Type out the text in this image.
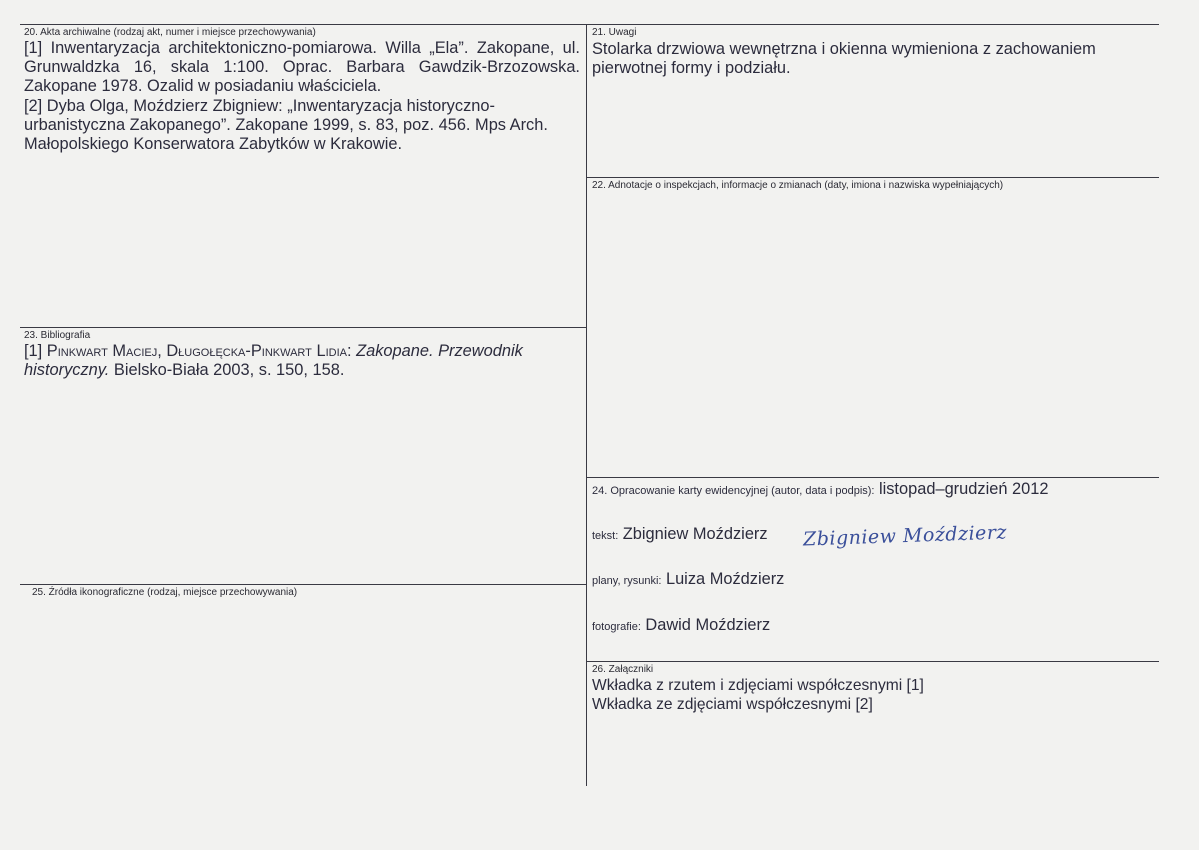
20. Akta archiwalne (rodzaj akt, numer i miejsce przechowywania)

[1] Inwentaryzacja architektoniczno-pomiarowa. Willa „Ela”. Zakopane, ul. Grunwaldzka 16, skala 1:100. Oprac. Barbara Gawdzik-Brzozowska. Zakopane 1978. Ozalid w posiadaniu właściciela.

[2] Dyba Olga, Moździerz Zbigniew: „Inwentaryzacja historyczno-urbanistyczna Zakopanego”. Zakopane 1999, s. 83, poz. 456. Mps Arch. Małopolskiego Konserwatora Zabytków w Krakowie.

21. Uwagi
Stolarka drzwiowa wewnętrzna i okienna wymieniona z zachowaniem pierwotnej formy i podziału.
22. Adnotacje o inspekcjach, informacje o zmianach (daty, imiona i nazwiska wypełniających)
23. Bibliografia
[1] Pinkwart Maciej, Długołęcka-Pinkwart Lidia: Zakopane. Przewodnik historyczny. Bielsko-Biała 2003, s. 150, 158.
24. Opracowanie karty ewidencyjnej (autor, data i podpis): listopad–grudzień 2012
tekst: Zbigniew Moździerz Zbigniew Moździerz
plany, rysunki: Luiza Moździerz
fotografie: Dawid Moździerz
25. Źródła ikonograficzne (rodzaj, miejsce przechowywania)
26. Załączniki
Wkładka z rzutem i zdjęciami współczesnymi [1]
Wkładka ze zdjęciami współczesnymi [2]
